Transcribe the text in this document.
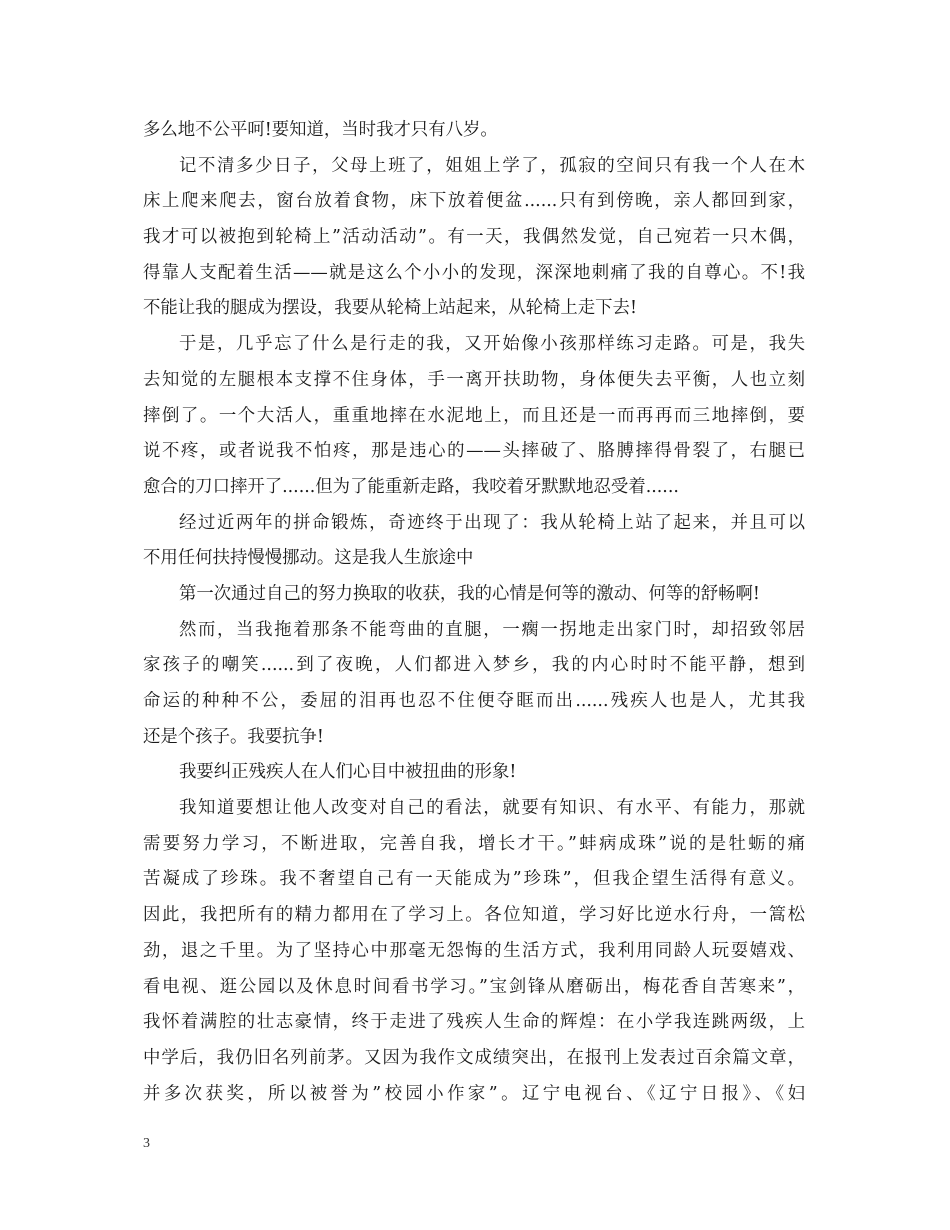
多么地不公平呵!要知道，当时我才只有八岁。
记不清多少日子，父母上班了，姐姐上学了，孤寂的空间只有我一个人在木
床上爬来爬去，窗台放着食物，床下放着便盆......只有到傍晚，亲人都回到家，
我才可以被抱到轮椅上”活动活动”。有一天，我偶然发觉，自己宛若一只木偶，
得靠人支配着生活——就是这么个小小的发现，深深地刺痛了我的自尊心。不!我
不能让我的腿成为摆设，我要从轮椅上站起来，从轮椅上走下去!
于是，几乎忘了什么是行走的我，又开始像小孩那样练习走路。可是，我失
去知觉的左腿根本支撑不住身体，手一离开扶助物，身体便失去平衡，人也立刻
摔倒了。一个大活人，重重地摔在水泥地上，而且还是一而再再而三地摔倒，要
说不疼，或者说我不怕疼，那是违心的——头摔破了、胳膊摔得骨裂了，右腿已
愈合的刀口摔开了......但为了能重新走路，我咬着牙默默地忍受着......
经过近两年的拼命锻炼，奇迹终于出现了：我从轮椅上站了起来，并且可以
不用任何扶持慢慢挪动。这是我人生旅途中
第一次通过自己的努力换取的收获，我的心情是何等的激动、何等的舒畅啊!
然而，当我拖着那条不能弯曲的直腿，一瘸一拐地走出家门时，却招致邻居
家孩子的嘲笑......到了夜晚，人们都进入梦乡，我的内心时时不能平静，想到
命运的种种不公，委屈的泪再也忍不住便夺眶而出......残疾人也是人，尤其我
还是个孩子。我要抗争!
我要纠正残疾人在人们心目中被扭曲的形象!
我知道要想让他人改变对自己的看法，就要有知识、有水平、有能力，那就
需要努力学习，不断进取，完善自我，增长才干。”蚌病成珠”说的是牡蛎的痛
苦凝成了珍珠。我不奢望自己有一天能成为”珍珠”，但我企望生活得有意义。
因此，我把所有的精力都用在了学习上。各位知道，学习好比逆水行舟，一篙松
劲，退之千里。为了坚持心中那毫无怨悔的生活方式，我利用同龄人玩耍嬉戏、
看电视、逛公园以及休息时间看书学习。”宝剑锋从磨砺出，梅花香自苦寒来”，
我怀着满腔的壮志豪情，终于走进了残疾人生命的辉煌：在小学我连跳两级，上
中学后，我仍旧名列前茅。又因为我作文成绩突出，在报刊上发表过百余篇文章，
并多次获奖，所以被誉为”校园小作家”。辽宁电视台、《辽宁日报》、《妇
3
